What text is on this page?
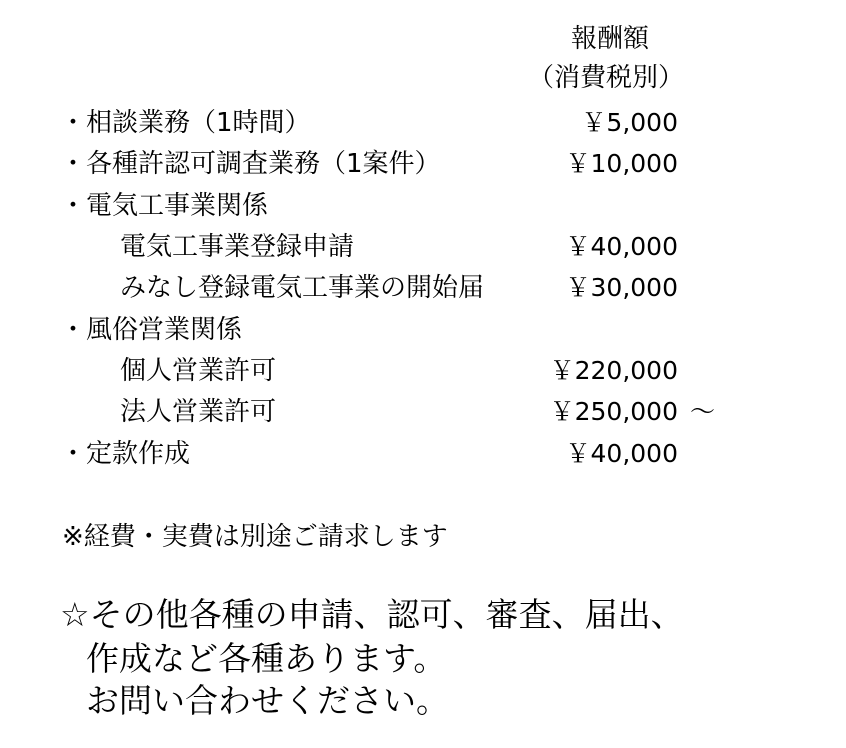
報酬額
（消費税別）
・相談業務（1時間）	￥5,000
・各種許認可調査業務（1案件）	￥10,000
・電気工事業関係
電気工事業登録申請	￥40,000
みなし登録電気工事業の開始届	￥30,000
・風俗営業関係
個人営業許可	￥220,000
法人営業許可	￥250,000 ～
・定款作成	￥40,000
※経費・実費は別途ご請求します
☆その他各種の申請、認可、審査、届出、
作成など各種あります。
お問い合わせください。
